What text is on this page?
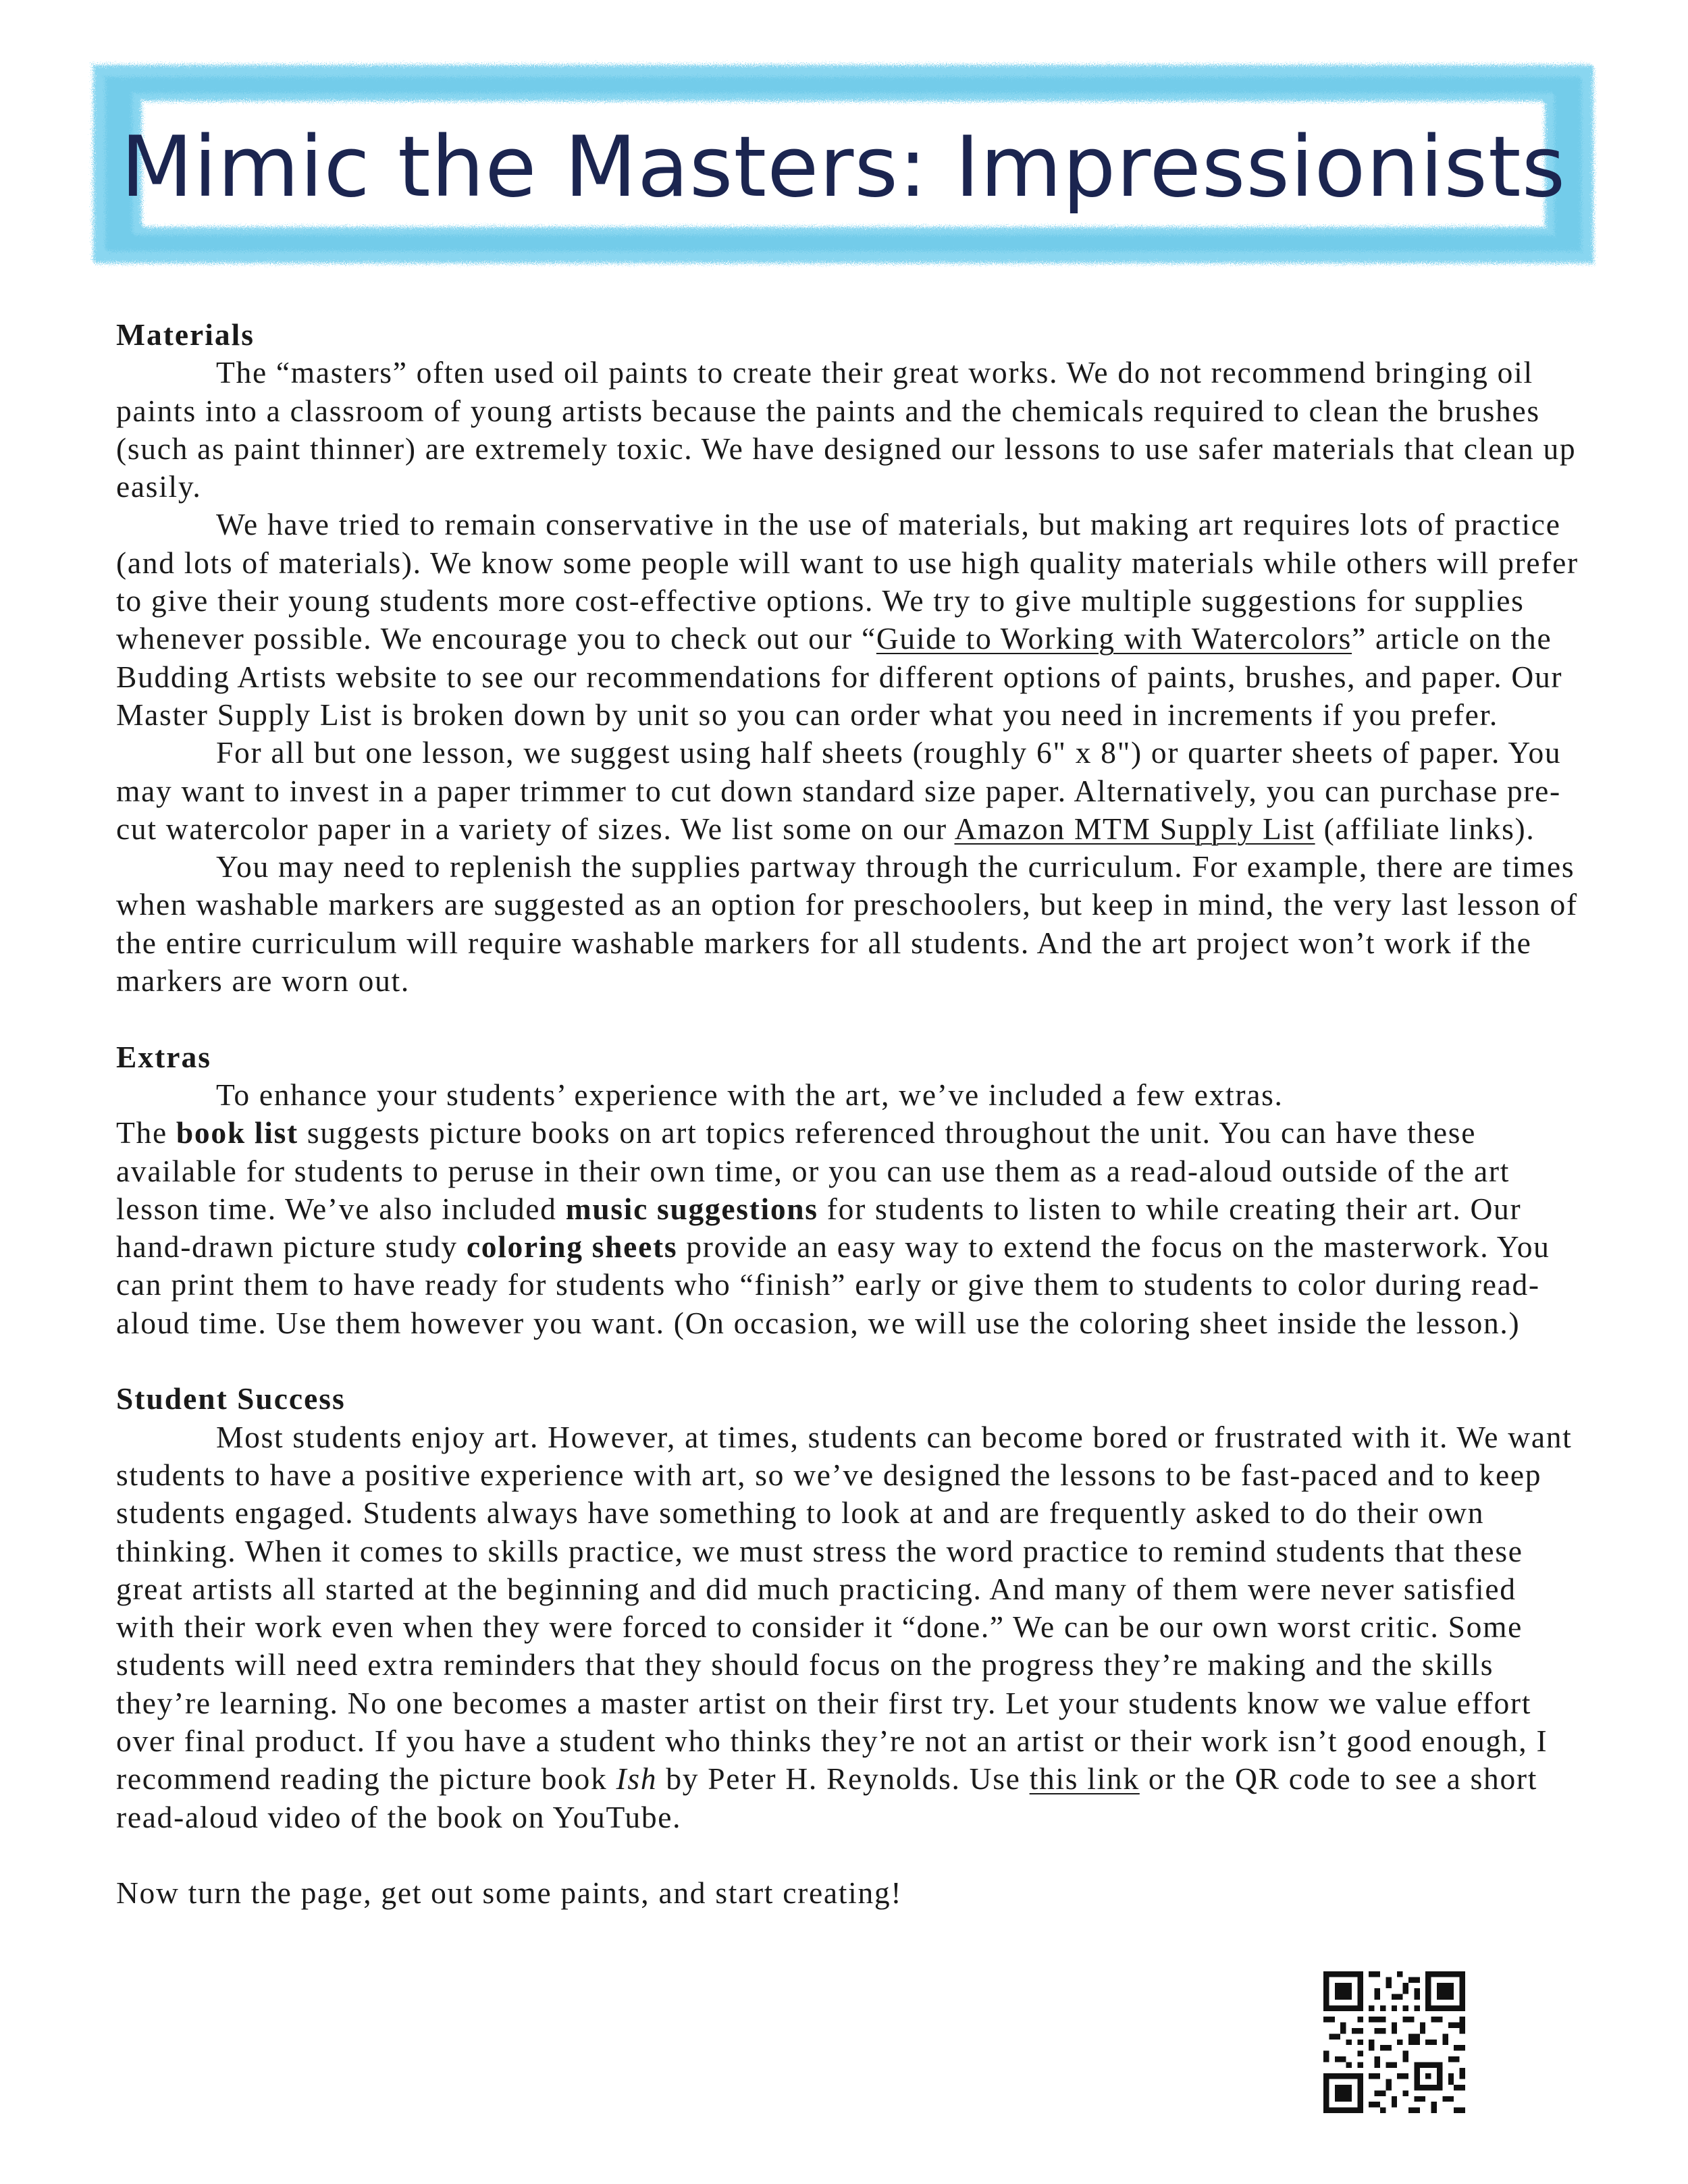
Mimic the Masters: Impressionists
Materials

The “masters” often used oil paints to create their great works. We do not recommend bringing oil paints into a classroom of young artists because the paints and the chemicals required to clean the brushes (such as paint thinner) are extremely toxic. We have designed our lessons to use safer materials that clean up easily.

We have tried to remain conservative in the use of materials, but making art requires lots of practice (and lots of materials). We know some people will want to use high quality materials while others will prefer to give their young students more cost-effective options. We try to give multiple suggestions for supplies whenever possible. We encourage you to check out our “Guide to Working with Watercolors” article on the Budding Artists website to see our recommendations for different options of paints, brushes, and paper. Our Master Supply List is broken down by unit so you can order what you need in increments if you prefer.

For all but one lesson, we suggest using half sheets (roughly 6" x 8") or quarter sheets of paper. You may want to invest in a paper trimmer to cut down standard size paper. Alternatively, you can purchase pre-cut watercolor paper in a variety of sizes. We list some on our Amazon MTM Supply List (affiliate links).

You may need to replenish the supplies partway through the curriculum. For example, there are times when washable markers are suggested as an option for preschoolers, but keep in mind, the very last lesson of the entire curriculum will require washable markers for all students. And the art project won’t work if the markers are worn out.

Extras

To enhance your students’ experience with the art, we’ve included a few extras.

The book list suggests picture books on art topics referenced throughout the unit. You can have these available for students to peruse in their own time, or you can use them as a read-aloud outside of the art lesson time. We’ve also included music suggestions for students to listen to while creating their art. Our hand-drawn picture study coloring sheets provide an easy way to extend the focus on the masterwork. You can print them to have ready for students who “finish” early or give them to students to color during read-aloud time. Use them however you want. (On occasion, we will use the coloring sheet inside the lesson.)

Student Success

Most students enjoy art. However, at times, students can become bored or frustrated with it. We want students to have a positive experience with art, so we’ve designed the lessons to be fast-paced and to keep students engaged. Students always have something to look at and are frequently asked to do their own thinking. When it comes to skills practice, we must stress the word practice to remind students that these great artists all started at the beginning and did much practicing. And many of them were never satisfied with their work even when they were forced to consider it “done.” We can be our own worst critic. Some students will need extra reminders that they should focus on the progress they’re making and the skills they’re learning. No one becomes a master artist on their first try. Let your students know we value effort over final product. If you have a student who thinks they’re not an artist or their work isn’t good enough, I recommend reading the picture book Ish by Peter H. Reynolds. Use this link or the QR code to see a short read-aloud video of the book on YouTube.

Now turn the page, get out some paints, and start creating!
